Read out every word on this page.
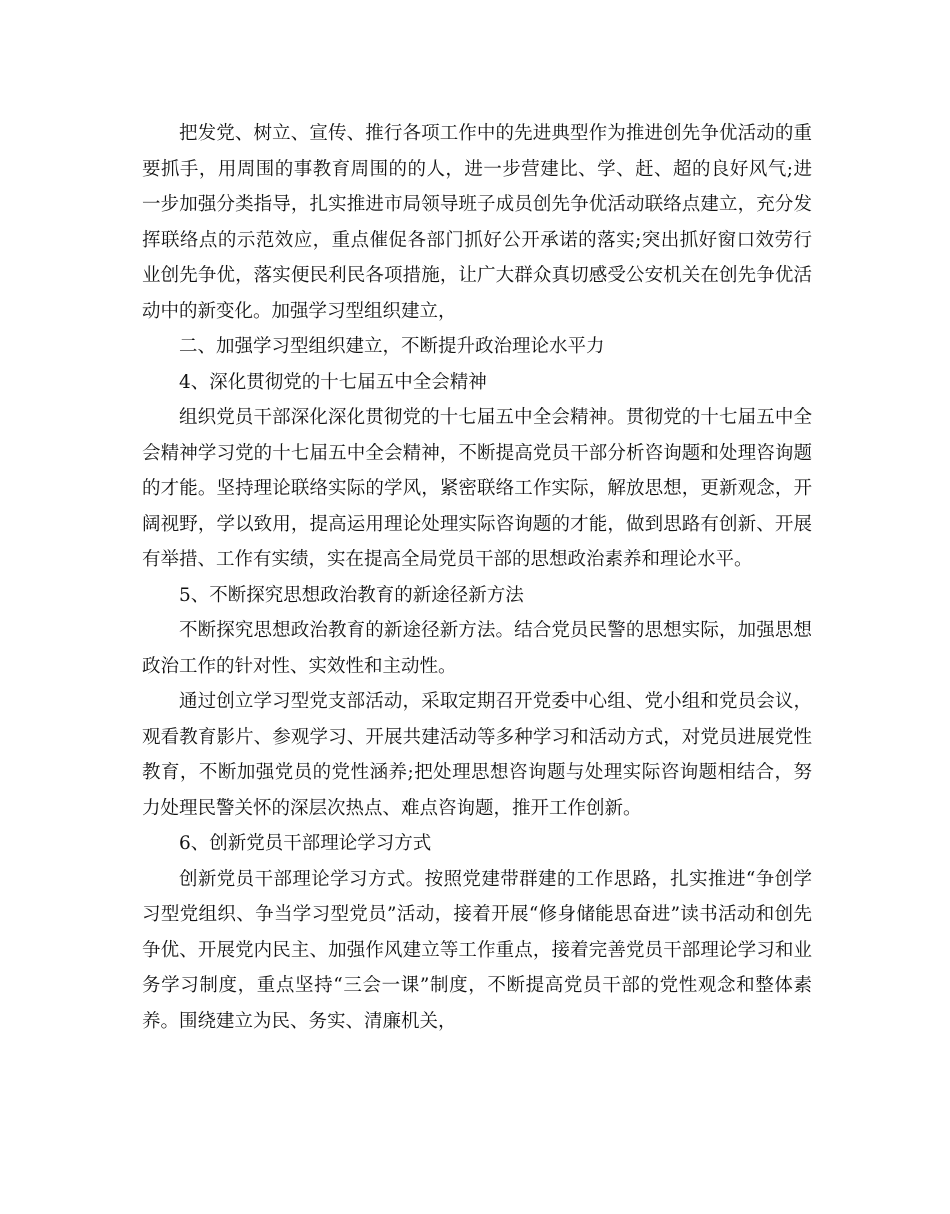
把发党、树立、宣传、推行各项工作中的先进典型作为推进创先争优活动的重要抓手，用周围的事教育周围的的人，进一步营建比、学、赶、超的良好风气;进一步加强分类指导，扎实推进市局领导班子成员创先争优活动联络点建立，充分发挥联络点的示范效应，重点催促各部门抓好公开承诺的落实;突出抓好窗口效劳行业创先争优，落实便民利民各项措施，让广大群众真切感受公安机关在创先争优活动中的新变化。加强学习型组织建立，

二、加强学习型组织建立，不断提升政治理论水平力

4、深化贯彻党的十七届五中全会精神

组织党员干部深化深化贯彻党的十七届五中全会精神。贯彻党的十七届五中全会精神学习党的十七届五中全会精神，不断提高党员干部分析咨询题和处理咨询题的才能。坚持理论联络实际的学风，紧密联络工作实际，解放思想，更新观念，开阔视野，学以致用，提高运用理论处理实际咨询题的才能，做到思路有创新、开展有举措、工作有实绩，实在提高全局党员干部的思想政治素养和理论水平。

5、不断探究思想政治教育的新途径新方法

不断探究思想政治教育的新途径新方法。结合党员民警的思想实际，加强思想政治工作的针对性、实效性和主动性。

通过创立学习型党支部活动，采取定期召开党委中心组、党小组和党员会议，观看教育影片、参观学习、开展共建活动等多种学习和活动方式，对党员进展党性教育，不断加强党员的党性涵养;把处理思想咨询题与处理实际咨询题相结合，努力处理民警关怀的深层次热点、难点咨询题，推开工作创新。

6、创新党员干部理论学习方式

创新党员干部理论学习方式。按照党建带群建的工作思路，扎实推进“争创学习型党组织、争当学习型党员”活动，接着开展“修身储能思奋进”读书活动和创先争优、开展党内民主、加强作风建立等工作重点，接着完善党员干部理论学习和业务学习制度，重点坚持“三会一课”制度，不断提高党员干部的党性观念和整体素养。围绕建立为民、务实、清廉机关，
